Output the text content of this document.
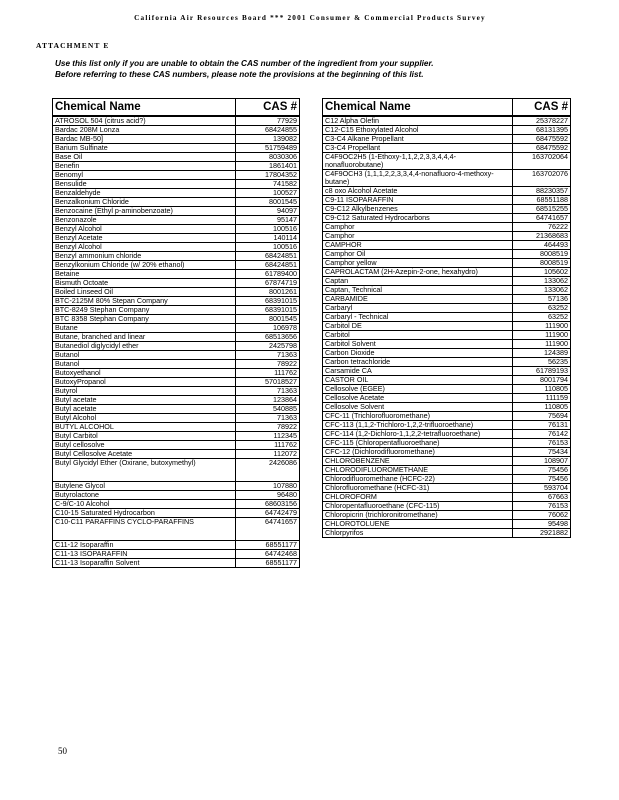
California Air Resources Board *** 2001 Consumer & Commercial Products Survey
ATTACHMENT E
Use this list only if you are unable to obtain the CAS number of the ingredient from your supplier.
Before referring to these CAS numbers, please note the provisions at the beginning of this list.
Chemical Name	CAS #
ATROSOL 504 (citrus acid?)	77929
Bardac 208M Lonza	68424855
Bardac MB-50]	139082
Barium Sulfinate	51759489
Base Oil	8030306
Benefin	1861401
Benomyl	17804352
Bensulide	741582
Benzaldehyde	100527
Benzalkonium Chloride	8001545
Benzocaine (Ethyl p-aminobenzoate)	94097
Benzonazole	95147
Benzyl Alcohol	100516
Benzyl Acetate	140114
Benzyl Alcohol	100516
Benzyl ammonium chloride	68424851
Benzylkonium Chloride (w/ 20% ethanol)	68424851
Betaine	61789400
Bismuth Octoate	67874719
Boiled Linseed Oil	8001261
BTC-2125M 80% Stepan Company	68391015
BTC-8249 Stephan Company	68391015
BTC 8358 Stephan Company	8001545
Butane	106978
Butane, branched and linear	68513656
Butanediol diglycidyl ether	2425798
Butanol	71363
Butanol	78922
Butoxyethanol	111762
ButoxyPropanol	57018527
Butyrol	71363
Butyl acetate	123864
Butyl acetate	540885
Butyl Alcohol	71363
BUTYL ALCOHOL	78922
Butyl Carbitol	112345
Butyl cellosolve	111762
Butyl Cellosolve Acetate	112072
Butyl Glycidyl Ether (Oxirane, butoxymethyl)	2426086
Butylene Glycol	107880
Butyrolactone	96480
C-9/C-10 Alcohol	68603156
C10-15 Saturated Hydrocarbon	64742479
C10-C11 PARAFFINS CYCLO-PARAFFINS	64741657
C11-12 Isoparaffin	68551177
C11-13 ISOPARAFFIN	64742468
C11-13 Isoparaffin Solvent	68551177
Chemical Name	CAS #
C12 Alpha Olefin	25378227
C12-C15 Ethoxylated Alcohol	68131395
C3-C4 Alkane Propellant	68475592
C3-C4 Propellant	68475592
C4F9OC2H5 (1-Ethoxy-1,1,2,2,3,3,4,4,4-nonafluorobutane)	163702064
C4F9OCH3 (1,1,1,2,2,3,3,4,4-nonafluoro-4-methoxy-butane)	163702076
c8 oxo Alcohol Acetate	88230357
C9-11 ISOPARAFFIN	68551188
C9-C12 Alkylbenzenes	68515255
C9-C12 Saturated Hydrocarbons	64741657
Camphor	76222
Camphor	21368683
CAMPHOR	464493
Camphor Oil	8008519
Camphor yellow	8008519
CAPROLACTAM (2H-Azepin-2-one, hexahydro)	105602
Captan	133062
Captan, Technical	133062
CARBAMIDE	57136
Carbaryl	63252
Carbaryl - Technical	63252
Carbitol DE	111900
Carbitol	111900
Carbitol Solvent	111900
Carbon Dioxide	124389
Carbon tetrachloride	56235
Carsamide CA	61789193
CASTOR OIL	8001794
Cellosolve (EGEE)	110805
Cellosolve Acetate	111159
Cellosolve Solvent	110805
CFC-11 (Trichlorofluoromethane)	75694
CFC-113 (1,1,2-Trichloro-1,2,2-trifluoroethane)	76131
CFC-114 (1,2-Dichloro-1,1,2,2-tetrafluoroethane)	76142
CFC-115 (Chloropentafluoroethane)	76153
CFC-12 (Dichlorodifluoromethane)	75434
CHLOROBENZENE	108907
CHLORODIFLUOROMETHANE	75456
Chlorodifluoromethane (HCFC-22)	75456
Chlorofluoromethane (HCFC-31)	593704
CHLOROFORM	67663
Chloropentafluoroethane (CFC-115)	76153
Chloropicrin (trichloronitromethane)	76062
CHLOROTOLUENE	95498
Chlorpyrifos	2921882
50
